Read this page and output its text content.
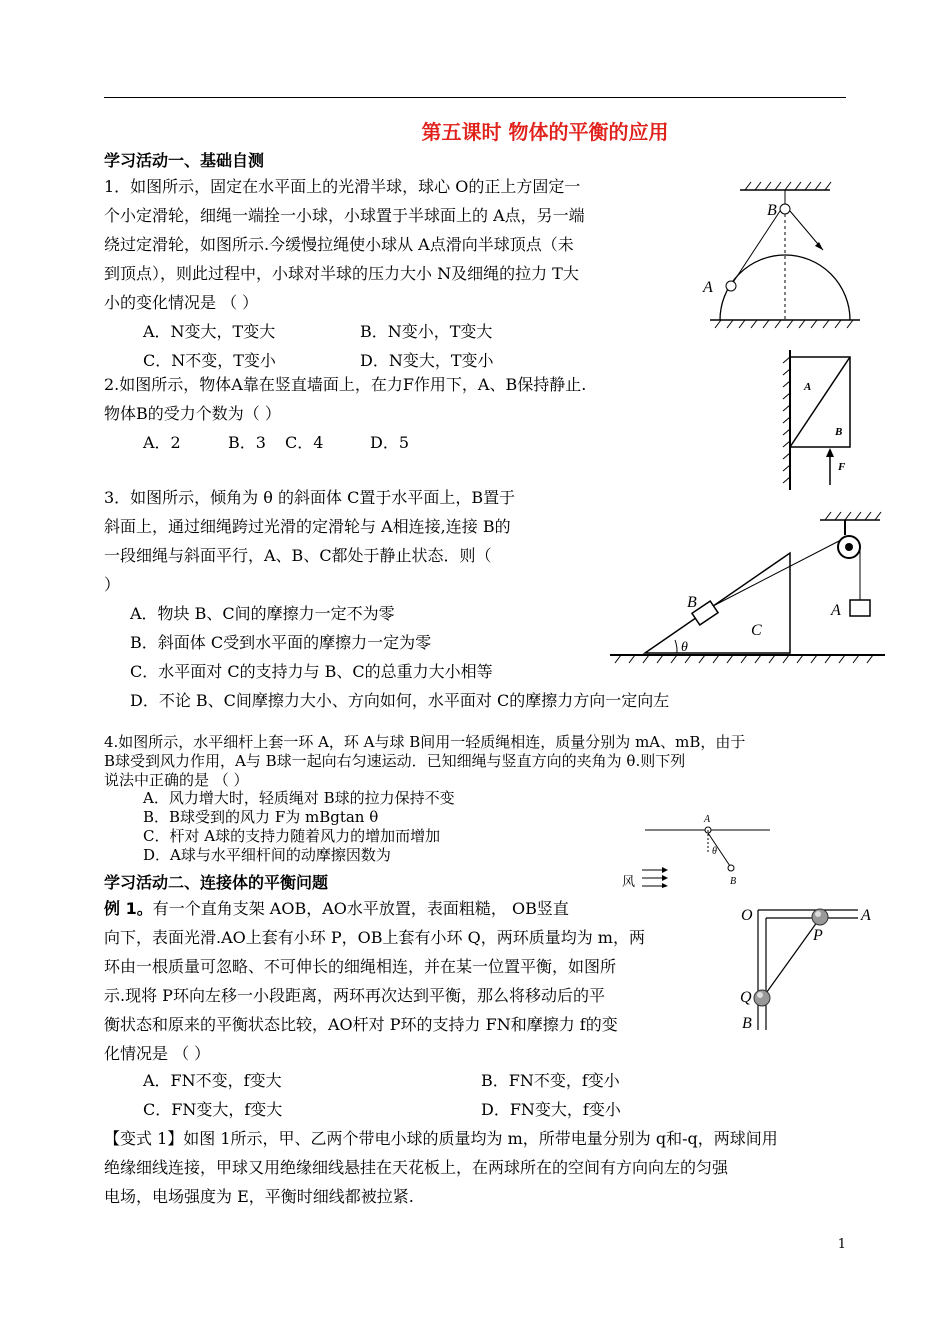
第五课时 物体的平衡的应用
学习活动一、基础自测
1．如图所示，固定在水平面上的光滑半球，球心 O的正上方固定一
个小定滑轮，细绳一端拴一小球，小球置于半球面上的 A点，另一端
绕过定滑轮，如图所示.今缓慢拉绳使小球从 A点滑向半球顶点（未
到顶点），则此过程中，小球对半球的压力大小 N及细绳的拉力 T大
小的变化情况是 （ ）
A．N变大，T变大	B．N变小，T变大
C．N不变，T变小	D．N变大，T变小
B
A
2.如图所示，物体A靠在竖直墙面上，在力F作用下，A、B保持静止.
物体B的受力个数为（ ）
A．2	B．3 C．4	D．5
A
B
F
3．如图所示，倾角为 θ 的斜面体 C置于水平面上，B置于
斜面上，通过细绳跨过光滑的定滑轮与 A相连接,连接 B的
一段细绳与斜面平行，A、B、C都处于静止状态．则（
）
A．物块 B、C间的摩擦力一定不为零
B．斜面体 C受到水平面的摩擦力一定为零
C．水平面对 C的支持力与 B、C的总重力大小相等
D．不论 B、C间摩擦力大小、方向如何，水平面对 C的摩擦力方向一定向左
B
C
A
θ
4.如图所示，水平细杆上套一环 A，环 A与球 B间用一轻质绳相连，质量分别为 mA、mB，由于
B球受到风力作用，A与 B球一起向右匀速运动．已知细绳与竖直方向的夹角为 θ.则下列
说法中正确的是 （ ）
A．风力增大时，轻质绳对 B球的拉力保持不变
B．B球受到的风力 F为 mBgtan θ
C．杆对 A球的支持力随着风力的增加而增加
D．A球与水平细杆间的动摩擦因数为
A
θ
B
风
学习活动二、连接体的平衡问题
例 1。有一个直角支架 AOB，AO水平放置，表面粗糙， OB竖直
向下，表面光滑.AO上套有小环 P，OB上套有小环 Q，两环质量均为 m，两
环由一根质量可忽略、不可伸长的细绳相连，并在某一位置平衡，如图所
示.现将 P环向左移一小段距离，两环再次达到平衡，那么将移动后的平
衡状态和原来的平衡状态比较，AO杆对 P环的支持力 FN和摩擦力 f的变
化情况是 （ ）
A．FN不变，f变大	B．FN不变，f变小
C．FN变大，f变大	D．FN变大，f变小
O	A
P
Q
B
【变式 1】如图 1所示，甲、乙两个带电小球的质量均为 m，所带电量分别为 q和-q，两球间用
绝缘细线连接，甲球又用绝缘细线悬挂在天花板上，在两球所在的空间有方向向左的匀强
电场，电场强度为 E，平衡时细线都被拉紧.
1
